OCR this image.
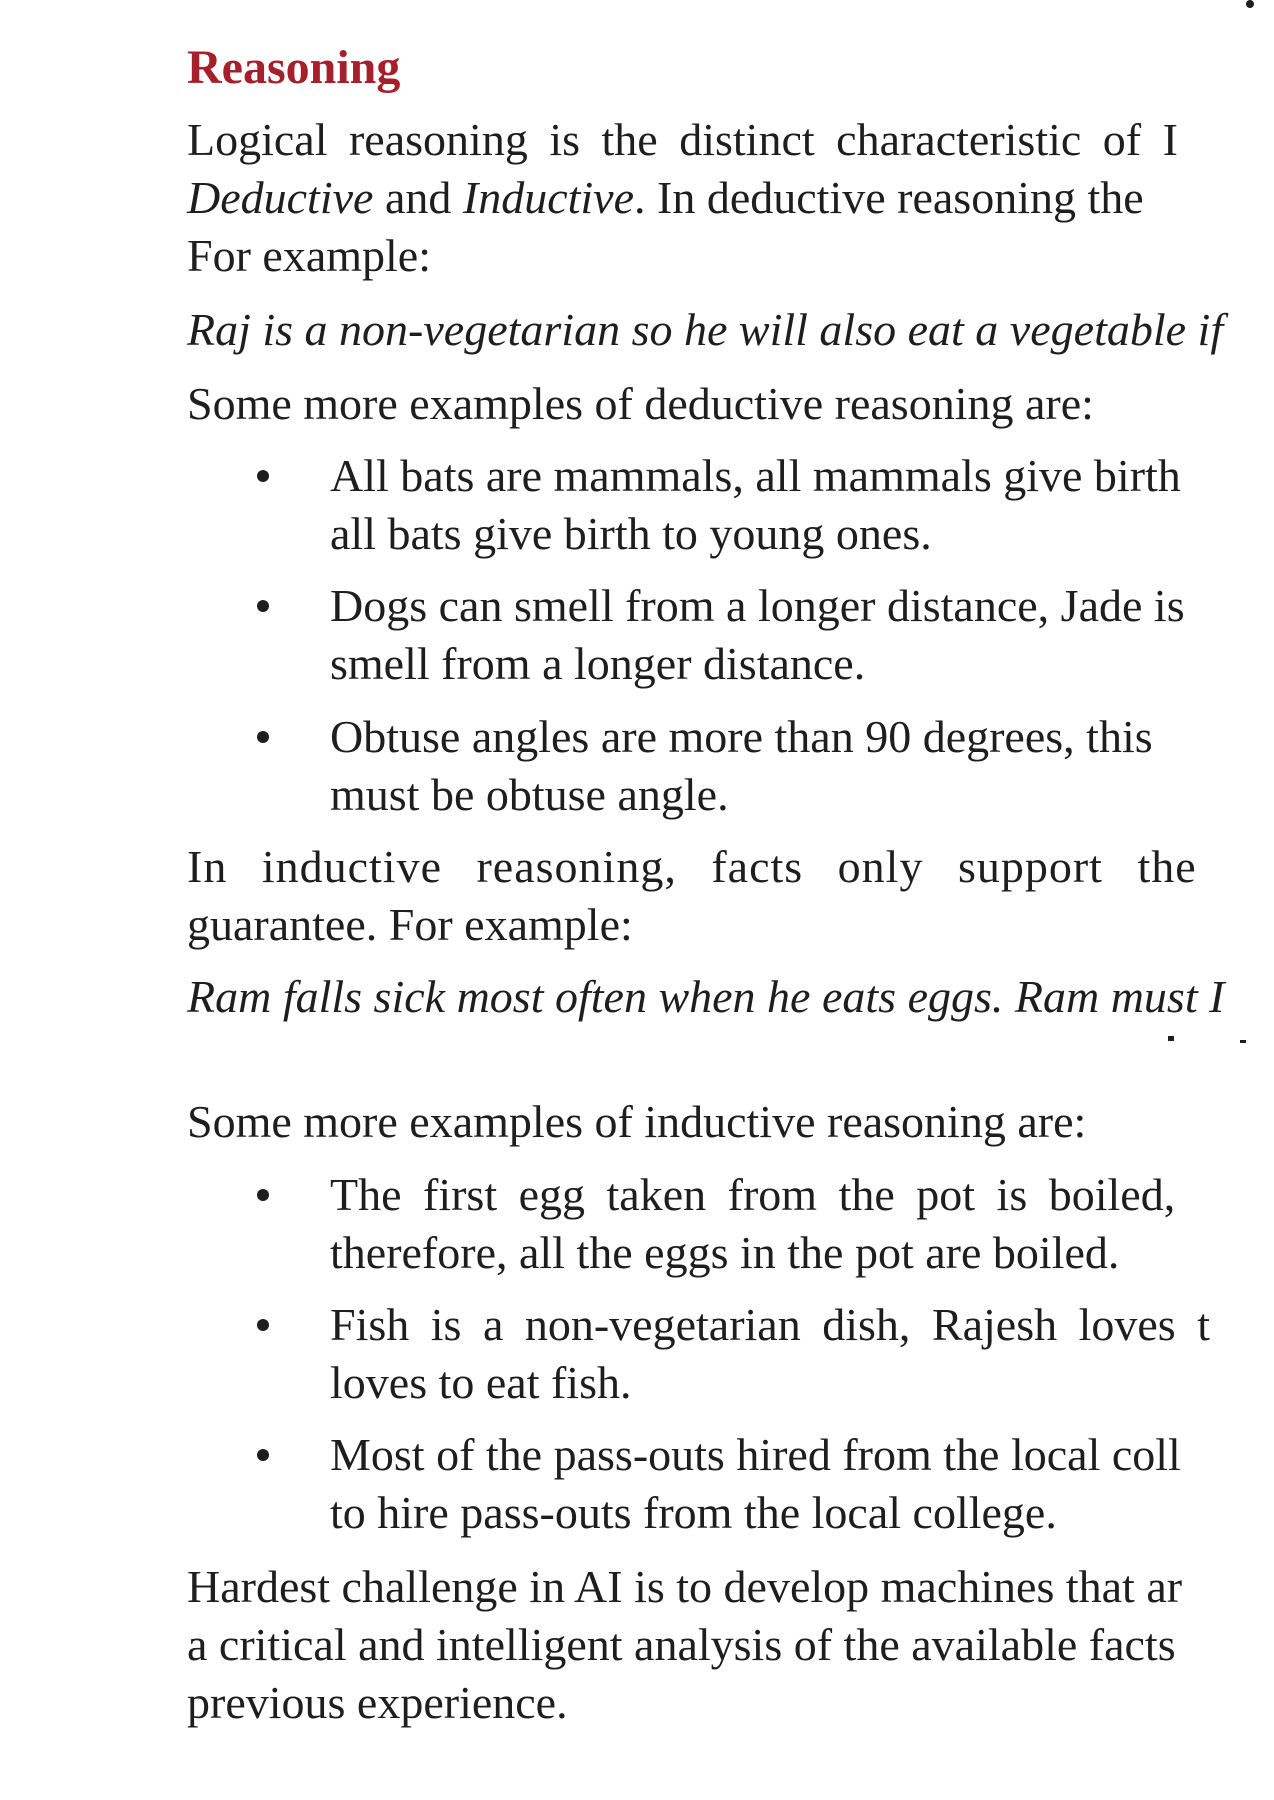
Reasoning
Logical reasoning is the distinct characteristic of I
Deductive and Inductive. In deductive reasoning the
For example:
Raj is a non-vegetarian so he will also eat a vegetable if
Some more examples of deductive reasoning are:
All bats are mammals, all mammals give birth
all bats give birth to young ones.
Dogs can smell from a longer distance, Jade is
smell from a longer distance.
Obtuse angles are more than 90 degrees, this
must be obtuse angle.
In inductive reasoning, facts only support the
guarantee. For example:
Ram falls sick most often when he eats eggs. Ram must I
Some more examples of inductive reasoning are:
The first egg taken from the pot is boiled,
therefore, all the eggs in the pot are boiled.
Fish is a non-vegetarian dish, Rajesh loves t
loves to eat fish.
Most of the pass-outs hired from the local coll
to hire pass-outs from the local college.
Hardest challenge in AI is to develop machines that ar
a critical and intelligent analysis of the available facts
previous experience.
